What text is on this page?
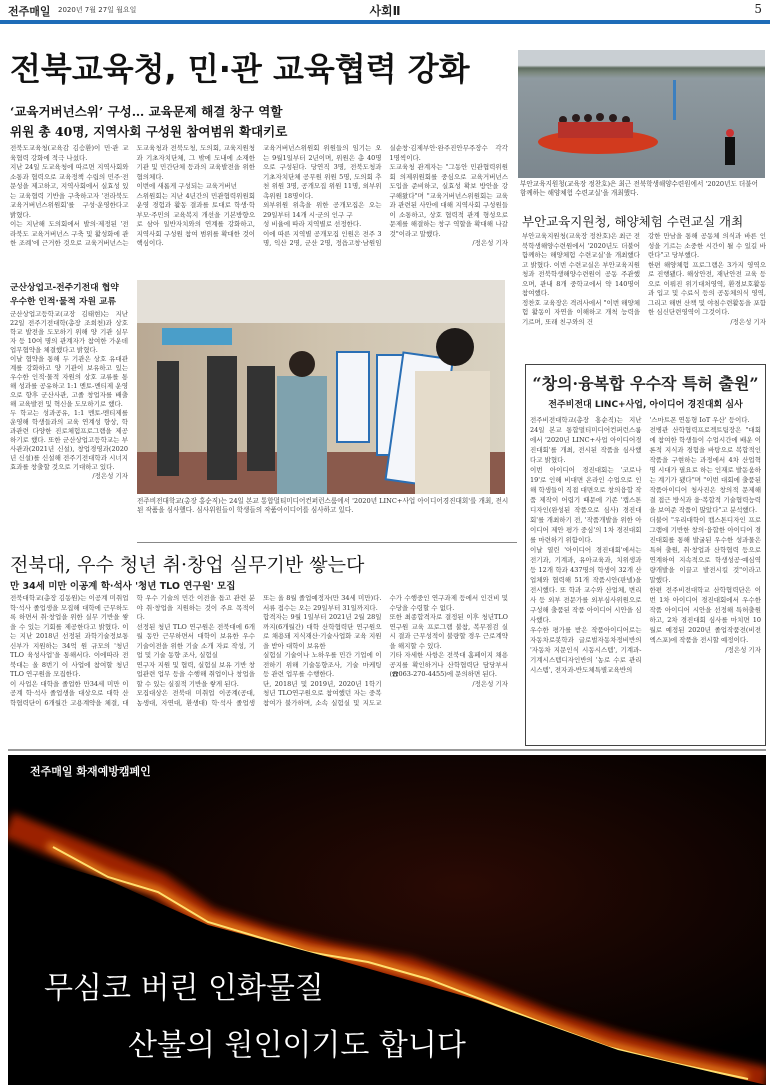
전주매일 2020년 7월 27일 월요일	사회Ⅱ	5
전북교육청, 민·관 교육협력 강화
‘교육거버넌스위’ 구성… 교육문제 해결 창구 역할
위원 총 40명, 지역사회 구성원 참여범위 확대키로
전북도교육청(교육감 김승환)이 민·관 교육협력 강화에 적극 나섰다.
지난 24일 도교육청에 따르면 지역사회와 소통과 협력으로 교육정책 수립의 민주·전문성을 제고하고, 지역사회에서 실효성 있는 교육협력 기반을 구축하고자 '전라북도 교육거버넌스위원회'를 구성·운영한다고 밝혔다.
이는 지난해 도의회에서 발의·제정된 '전라북도 교육거버넌스 구축 및 활성화에 관한 조례'에 근거한 것으로 교육거버넌스는 도교육청과 전북도청, 도의회, 교육지원청과 기초자치단체, 그 밖에 도내에 소재한 기관 및 민간단체 등과의 교육발전을 위한 협의체다.
이번에 새롭게 구성되는 교육거버넌
스위원회는 지난 4년간의 민관협력위원회 운영 경험과 활동 결과를 토대로 학생·학부모·주민의 교육복지 개선을 기본방향으로 삼아 일반자치와의 연계를 강화하고, 지역사회 구성원 참여 범위를 확대한 것이 핵심이다.
교육거버넌스위원회 위원들의 임기는 오는 9월1일부터 2년이며, 위원은 총 40명으로 구성된다. 당연직 3명, 전북도청과 기초자치단체 공무원 위원 5명, 도의회 추천 위원 3명, 공개모집 위원 11명, 외부위촉위원 18명이다.
외부위원 위촉을 위한 공개모집은 오는 29일부터 14개 시·군의 인구 구
성 비율에 따라 지역별로 선정한다.
이에 따른 지역별 공개모집 인원은 전주 3명, 익산 2명, 군산 2명, 정읍고창·남원임실순창·김제부안·완주진안무주장수 각각 1명씩이다.
도교육청 관계자는 "그동안 민관협력위원회 의제위원회를 중심으로 교육거버넌스 도입을 준비하고, 실효성 확보 방안을 강구해왔다"며 "교육거버넌스위원회는 교육과 관련된 사안에 대해 지역사회 구성원들이 소통하고, 상호 협력적 관계 형성으로 문제를 해결하는 창구 역할을 확대해 나갈 것"이라고 말했다.
/정은성 기자
부안교육지원청(교육장 정찬호)은 최근 전북학생해양수련원에서 '2020년도 더불어 함께하는 해양체험 수련교실'을 개최했다.
부안교육지원청, 해양체험 수련교실 개최
부안교육지원청(교육장 정찬호)은 최근 전북학생해양수련원에서 '2020년도 더불어 함께하는 해양체험 수련교실'을 개최했다고 밝혔다. 이번 수련교실은 부안교육지원청과 전북학생해양수련원이 공동 주관했으며, 관내 8개 중학교에서 약 140명이 참여했다.
정찬호 교육장은 격려사에서 "이번 해양체험 활동이 자연을 이해하고 개척 능력을 기르며, 또래 친구와의 건
강한 만남을 통해 공동체 의식과 바른 인성을 기르는 소중한 시간이 될 수 있길 바란다"고 당부했다.
한편 해양체험 프로그램은 3가지 영역으로 진행됐다. 해상안전, 재난안전 교육 등으로 이뤄진 위기대처영역, 환경보호활동과 입고 및 수료식 등의 공동체의식 영역, 그리고 해변 산책 및 야침수련활동을 포함한 심신단련영역이 그것이다.
/정은성 기자
군산상업고-전주기전대 협약
우수한 인적·물적 자원 교류
군산상업고등학교(교장 김태현)는 지난 22일 전주기전대학(총장 조희천)과 상호 학교 발전을 도모하기 위해 양 기관 실무자 등 10여 명의 관계자가 참여한 가운데 업무협약을 체결했다고 밝혔다.
이날 협약을 통해 두 기관은 상호 유대관계를 강화하고 양 기관이 보유하고 있는 우수한 인적·물적 자원의 상호 교류를 통해 성과를 공유하고 1:1 멘토-멘티제 운영으로 향후 군산사관, 고졸 창업자를 배출해 교육발전 및 혁신을 도모하기로 했다.
두 학교는 성과공유, 1:1 멘토-멘티제를 운영해 학생들과의 교육 연계성 향상, 학과관련 다양한 진로체험프로그램을 제공하기로 했다. 또한 군산상업고등학교는 부사관과(2021년 신설), 창업경영과(2020년 신설)를 신설해 전주기전대학과 시너지효과를 창출할 것으로 기대하고 있다.
/정은성 기자
전주비전대학교(총장 홍순직)는 24일 본교 통합멀티미디어컨퍼런스룸에서 '2020년 LINC+사업 아이디어경진대회'를 개최, 전시된 작품을 심사했다. 심사위원들이 학생들의 작품아이디어를 심사하고 있다.
“창의·융복합 우수작 특허 출원”
전주비전대 LINC+사업, 아이디어 경진대회 심사
전주비전대학교(총장 홍순직)는 지난 24일 본교 통합멀티미디어컨퍼런스룸에서 '2020년 LINC+사업 아이디어경진대회'를 개최, 전시된 작품을 심사했다고 밝혔다.
이번 아이디어 경진대회는 '코로나19'로 인해 비대면 온라인 수업으로 인해 학생들이 직접 대면으로 창의융합 작품 제작이 어렵기 때문에 기존 '캡스톤디자인(완성된 작품으로 심사) 경진대회'를 개최하기 전, '작품개발을 위한 아이디어 제안 평가 중심'의 1차 경진대회를 마련하기 위함이다.
이날 열린 '아이디어 경진대회'에서는 전기과, 기계과, 유아교육과, 치위생과 등 12개 학과 437명의 학생이 32개 산업체와 협력해 51개 작품시안(판넬)을 전시했다. 또 학과 교수와 산업체, 변리사 등 외부 전문가를 외부심사위원으로 구성해 출품된 작품 아이디어 시안을 심사했다.
우수한 평가를 받은 작품아이디어로는 자동차로봇학과 글로벌자동차정비반의 '자동차 지문인식 시동시스템', 기계과-기계시스템디자인반의 '농로 수로 관리시스템', 전자과-반도체특별교육반의
'스마트폰 연동형 IoT 우산' 등이다.
전병관 산학협력프로젝트팀장은 "대회에 참여한 학생들이 수업시간에 배운 이론적 지식과 경험을 바탕으로 복합적인 작품을 구현하는 과정에서 4차 산업혁명 시대가 필요로 하는 인재로 발돋움하는 계기가 됐다"며 "이번 대회에 출품된 작품아이디어 청사진은 창의적 문제해결 접근 방식과 융·복합적 기술협력능력을 보여준 작품이 많았다"고 분석했다.
더불어 "우리대학이 캡스톤디자인 프로그램에 기반한 창의·융합한 아이디어 경진대회를 통해 발굴된 우수한 성과물은 특허 출원, 취·창업과 산학협력 등으로 연계하여 지속적으로 학생성공·예심역량개발을 이끌고 발전시킬 것"이라고 말했다.
한편 전주비전대학교 산학협력단은 이번 1차 아이디어 경진대회에서 우수한 작품 아이디어 시안을 선정해 특허출원하고, 2차 경진대회 심사를 마치면 10월로 예정된 2020년 졸업작품전(비전엑스포)에 작품을 전시할 예정이다.
/정은성 기자
전북대, 우수 청년 취·창업 실무기반 쌓는다
만 34세 미만 이공계 학·석사 '청년 TLO 연구원' 모집
전북대학교(총장 김동원)는 이공계 미취업 학·석사 졸업생을 모집해 대학에 근무하도록 하면서 취·창업을 위한 실무 기반을 쌓을 수 있는 기회를 제공한다고 밝혔다. 이는 지난 2018년 선정된 과학기술정보통신부가 지원하는 34억 원 규모의 '청년 TLO 육성사업'을 통해서다. 이에따라 전북대는 올 8번기 이 사업에 참여할 청년 TLO 연구원을 모집한다.
이 사업은 대학을 졸업한 만34세 미만 이공계 학·석사 졸업생을 대상으로 대학 산학협력단이 6개월간 고용계약을 체결, 대학 우수 기술의 민간 이전을 돕고 관련 분야 취·창업을 지원하는 것이 주요 목적이다.
선정된 청년 TLO 연구원은 전북대에 6개월 동안 근무하면서 대학이 보유한 우수 기술이전을 위한 기술 소개 자료 작성, 기업 및 기술 동향 조사, 실험실
연구자 지원 및 협력, 실험실 보유 기반 창업관련 업무 등을 수행해 취업이나 창업을 할 수 있는 실질적 기반을 쌓게 된다.
모집대상은 전북대 미취업 이공계(공대, 농생대, 자연대, 환생대) 학·석사 졸업생 또는 올 8월 졸업예정자(만 34세 미만)다. 서류 접수는 오는 29일부터 31일까지다.
합격자는 9월 1일부터 2021년 2월 28일까지(6개월간) 대학 산학협력단 연구원으로 채용돼 지식재산·기술사업화 교육 지원을 받아 대학이 보유한
실험실 기술이나 노하우를 민간 기업에 이전하기 위해 기술동향조사, 기술 마케팅 등 관련 업무를 수행한다.
단, 2018년 및 2019년, 2020년 1학기 청년 TLO연구원으로 참여했던 자는 중복 참여가 불가하며, 소속 실험실 및 지도교수가 수행중인 연구과제 등에서 인건비 및 수당을 수령할 수 없다.
또한 최종합격자로 결정된 이후 청년TLO 연구원 교육 프로그램 불참, 복무점검 실시 결과 근무성적이 불량할 경우 근로계약을 해지할 수 있다.
기타 자세한 사항은 전북대 홈페이지 채용공지를 확인하거나 산학협력단 담당부서(☎063-270-4455)에 문의하면 된다.
/정은성 기자
전주매일 화재예방캠페인
무심코 버린 인화물질
산불의 원인이기도 합니다
